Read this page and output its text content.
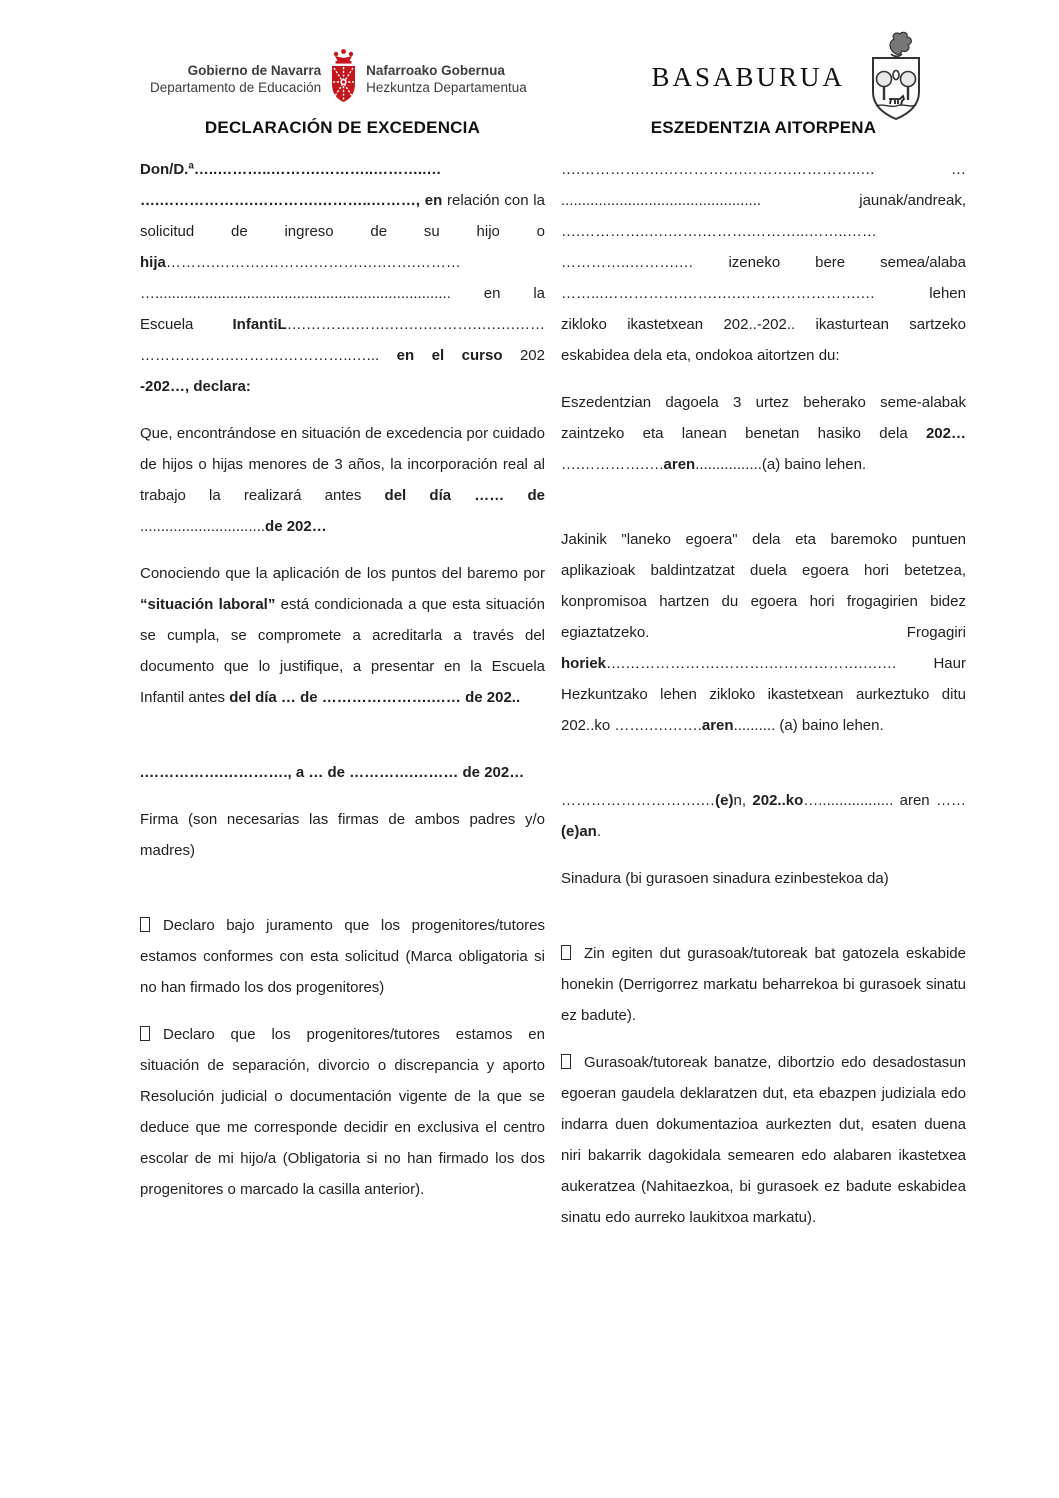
Gobierno de Navarra
Departamento de Educación
Nafarroako Gobernua
Hezkuntza Departamentua	BASABURUA
DECLARACIÓN DE EXCEDENCIA

Don/D.ª…..………..……….………..………..… ….……………….………….………..………, en relación con la solicitud de ingreso de su hijo o hija……….……….……….……….….…….……… …....................................................................... en la Escuela InfantiL….……….…….….….……….….….…… ……………….……….…………..…... en el curso 202 -202…, declara:

Que, encontrándose en situación de excedencia por cuidado de hijos o hijas menores de 3 años, la incorporación real al trabajo la realizará antes del día …… de ..............................de 202…

Conociendo que la aplicación de los puntos del baremo por “situación laboral” está condicionada a que esta situación se cumpla, se compromete a acreditarla a través del documento que lo justifique, a presentar en la Escuela Infantil antes del día … de ………………….…… de 202..

.…………….…………., a … de ………….……… de 202…

Firma (son necesarias las firmas de ambos padres y/o madres)

Declaro bajo juramento que los progenitores/tutores estamos conformes con esta solicitud (Marca obligatoria si no han firmado los dos progenitores)

Declaro que los progenitores/tutores estamos en situación de separación, divorcio o discrepancia y aporto Resolución judicial o documentación vigente de la que se deduce que me corresponde decidir en exclusiva el centro escolar de mi hijo/a (Obligatoria si no han firmado los dos progenitores o marcado la casilla anterior).

ESZEDENTZIA AITORPENA

….………….….…………….……….…………..… … ................................................ jaunak/andreak, ….…………..….…….……….………...……..…… …………..……….… izeneko bere semea/alaba ……...…………….…….….…………………….… lehen zikloko ikastetxean 202..-202.. ikasturtean sartzeko eskabidea dela eta, ondokoa aitortzen du:

Eszedentzian dagoela 3 urtez beherako seme-alabak zaintzeko eta lanean benetan hasiko dela 202… ….………….….aren................(a) baino lehen.

Jakinik "laneko egoera" dela eta baremoko puntuen aplikazioak baldintzatzat duela egoera hori betetzea, konpromisoa hartzen du egoera hori frogagirien bidez egiaztatzeko. Frogagiri horiek….……………….……….……………….….… Haur Hezkuntzako lehen zikloko ikastetxean aurkeztuko ditu 202..ko …….….…….aren.......... (a) baino lehen.

……………………….…(e)n, 202..ko….................. aren ……(e)an.

Sinadura (bi gurasoen sinadura ezinbestekoa da)

Zin egiten dut gurasoak/tutoreak bat gatozela eskabide honekin (Derrigorrez markatu beharrekoa bi gurasoek sinatu ez badute).

Gurasoak/tutoreak banatze, dibortzio edo desadostasun egoeran gaudela deklaratzen dut, eta ebazpen judiziala edo indarra duen dokumentazioa aurkezten dut, esaten duena niri bakarrik dagokidala semearen edo alabaren ikastetxea aukeratzea (Nahitaezkoa, bi gurasoek ez badute eskabidea sinatu edo aurreko laukitxoa markatu).
